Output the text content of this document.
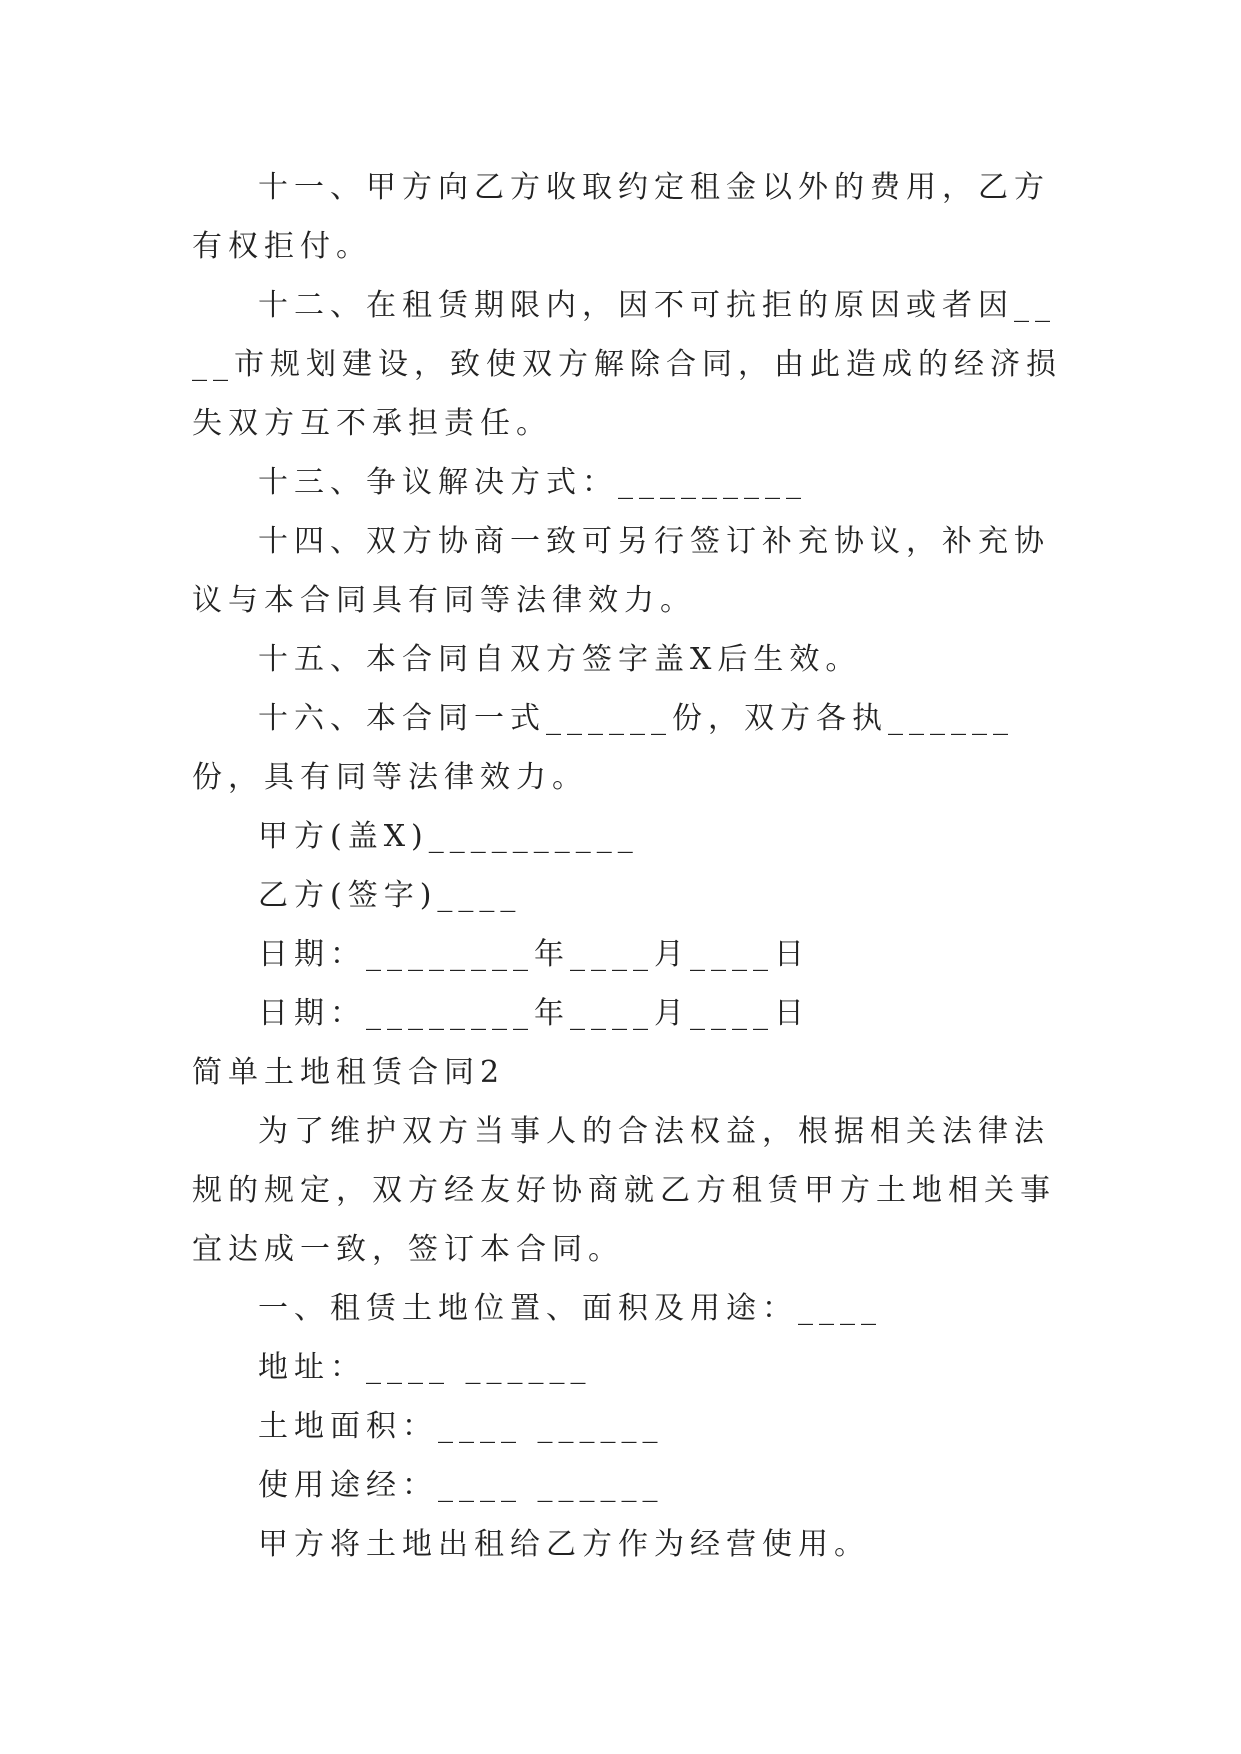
十一、甲方向乙方收取约定租金以外的费用，乙方有权拒付。

十二、在租赁期限内，因不可抗拒的原因或者因____市规划建设，致使双方解除合同，由此造成的经济损失双方互不承担责任。

十三、争议解决方式：_________

十四、双方协商一致可另行签订补充协议，补充协议与本合同具有同等法律效力。

十五、本合同自双方签字盖X后生效。

十六、本合同一式______份，双方各执______份，具有同等法律效力。

甲方(盖X)__________

乙方(签字)____

日期：________年____月____日

日期：________年____月____日

简单土地租赁合同2

为了维护双方当事人的合法权益，根据相关法律法规的规定，双方经友好协商就乙方租赁甲方土地相关事宜达成一致，签订本合同。

一、租赁土地位置、面积及用途：____

地址：____ ______

土地面积：____ ______

使用途经：____ ______

甲方将土地出租给乙方作为经营使用。
